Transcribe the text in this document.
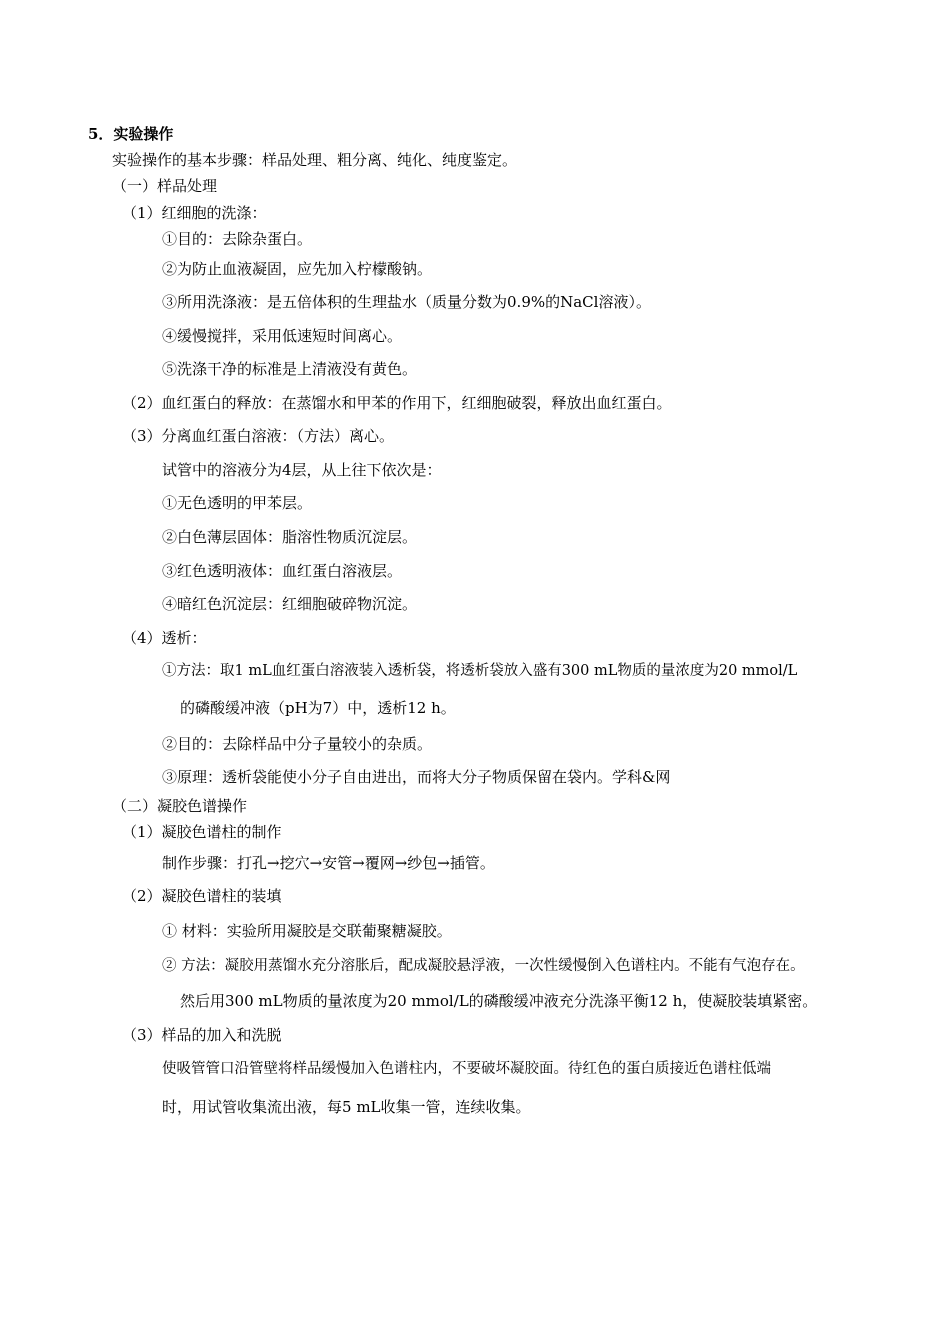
5．实验操作
实验操作的基本步骤：样品处理、粗分离、纯化、纯度鉴定。
（一）样品处理
（1）红细胞的洗涤：
①目的：去除杂蛋白。
②为防止血液凝固，应先加入柠檬酸钠。
③所用洗涤液：是五倍体积的生理盐水（质量分数为0.9%的NaCl溶液）。
④缓慢搅拌，采用低速短时间离心。
⑤洗涤干净的标准是上清液没有黄色。
（2）血红蛋白的释放：在蒸馏水和甲苯的作用下，红细胞破裂，释放出血红蛋白。
（3）分离血红蛋白溶液：（方法）离心。
试管中的溶液分为4层，从上往下依次是：
①无色透明的甲苯层。
②白色薄层固体：脂溶性物质沉淀层。
③红色透明液体：血红蛋白溶液层。
④暗红色沉淀层：红细胞破碎物沉淀。
（4）透析：
①方法：取1 mL血红蛋白溶液装入透析袋，将透析袋放入盛有300 mL物质的量浓度为20 mmol/L
的磷酸缓冲液（pH为7）中，透析12 h。
②目的：去除样品中分子量较小的杂质。
③原理：透析袋能使小分子自由进出，而将大分子物质保留在袋内。学科&网
（二）凝胶色谱操作
（1）凝胶色谱柱的制作
制作步骤：打孔→挖穴→安管→覆网→纱包→插管。
（2）凝胶色谱柱的装填
① 材料：实验所用凝胶是交联葡聚糖凝胶。
② 方法：凝胶用蒸馏水充分溶胀后，配成凝胶悬浮液，一次性缓慢倒入色谱柱内。不能有气泡存在。
然后用300 mL物质的量浓度为20 mmol/L的磷酸缓冲液充分洗涤平衡12 h，使凝胶装填紧密。
（3）样品的加入和洗脱
使吸管管口沿管壁将样品缓慢加入色谱柱内，不要破坏凝胶面。待红色的蛋白质接近色谱柱低端
时，用试管收集流出液，每5 mL收集一管，连续收集。
